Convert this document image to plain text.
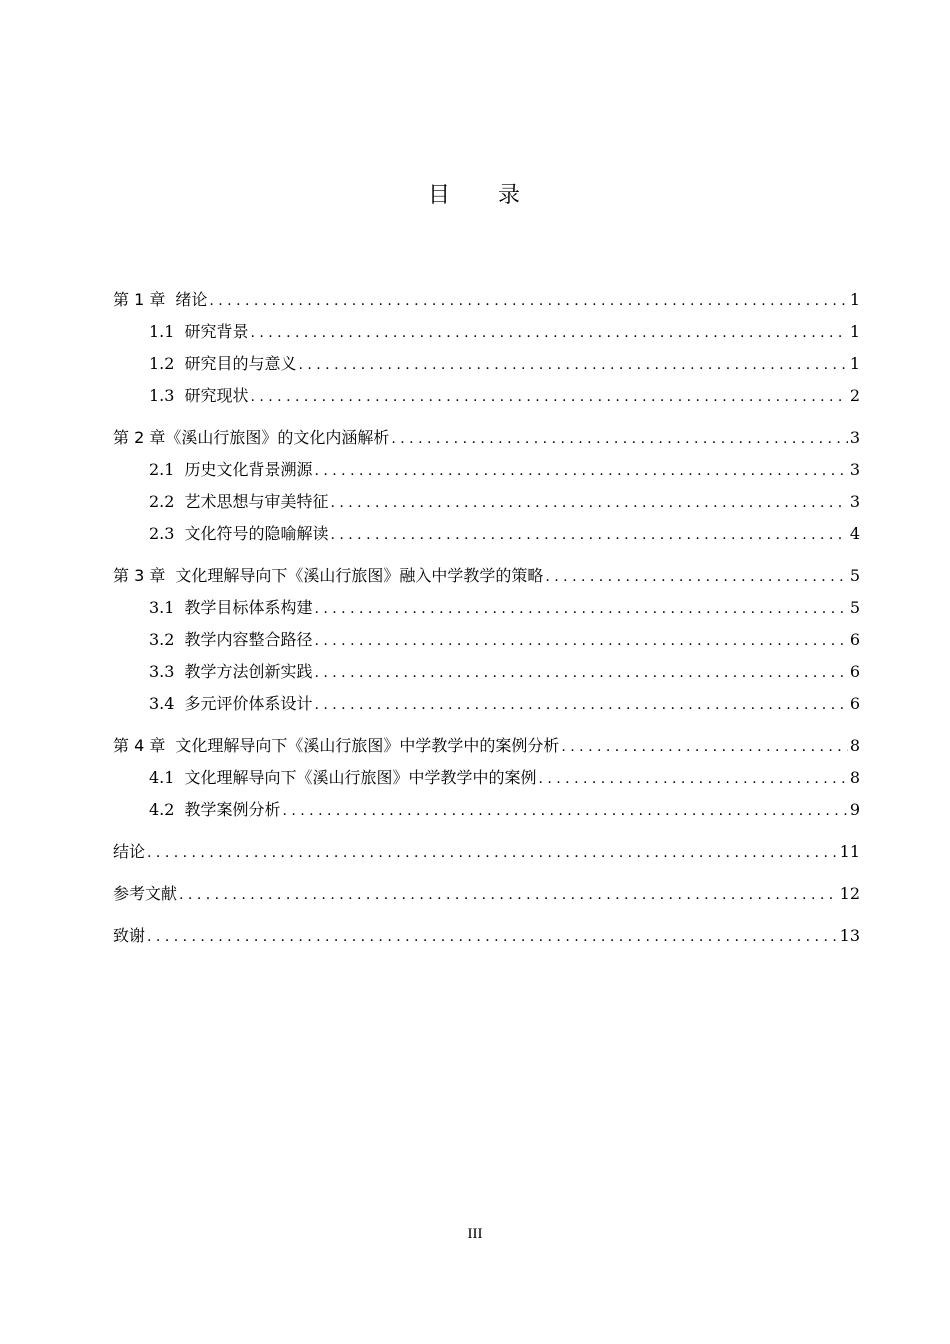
目 录
第 1 章 绪论 . . .	1
1.1 研究背景 . . .	1
1.2 研究目的与意义 . . .	1
1.3 研究现状 . . .	2
第 2 章《溪山行旅图》的文化内涵解析 . . .	3
2.1 历史文化背景溯源 . . .	3
2.2 艺术思想与审美特征 . . .	3
2.3 文化符号的隐喻解读 . . .	4
第 3 章 文化理解导向下《溪山行旅图》融入中学教学的策略 . . .	5
3.1 教学目标体系构建 . . .	5
3.2 教学内容整合路径 . . .	6
3.3 教学方法创新实践 . . .	6
3.4 多元评价体系设计 . . .	6
第 4 章 文化理解导向下《溪山行旅图》中学教学中的案例分析 . . .	8
4.1 文化理解导向下《溪山行旅图》中学教学中的案例 . . .	8
4.2 教学案例分析 . . .	9
结论 . . .	11
参考文献 . . .	12
致谢 . . .	13
III
